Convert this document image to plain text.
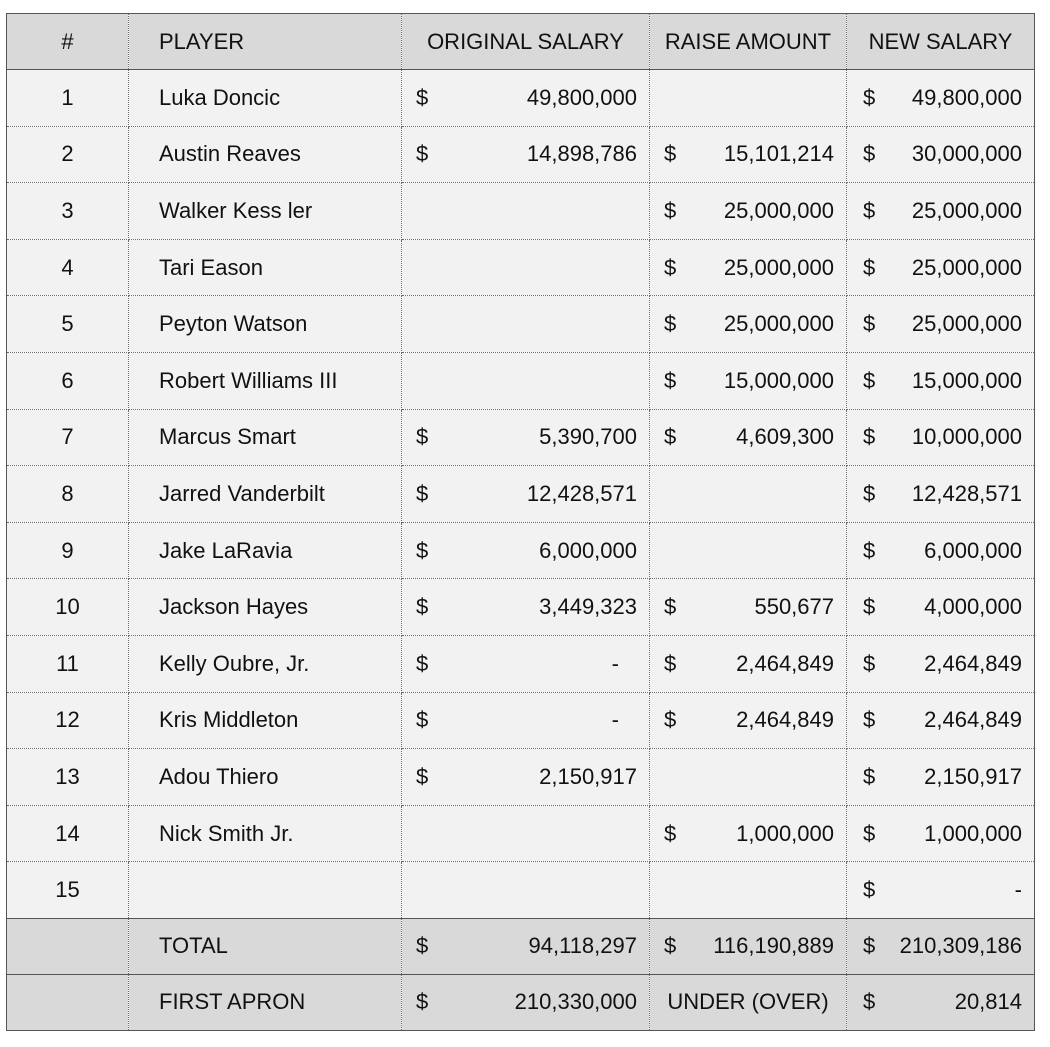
#	PLAYER	ORIGINAL SALARY	RAISE AMOUNT	NEW SALARY
1	Luka Doncic	$ 49,800,000		$ 49,800,000

2	Austin Reaves	$ 14,898,786	$ 15,101,214	$ 30,000,000

3	Walker Kess ler		$ 25,000,000	$ 25,000,000

4	Tari Eason		$ 25,000,000	$ 25,000,000

5	Peyton Watson		$ 25,000,000	$ 25,000,000

6	Robert Williams III		$ 15,000,000	$ 15,000,000

7	Marcus Smart	$ 5,390,700	$ 4,609,300	$ 10,000,000

8	Jarred Vanderbilt	$ 12,428,571		$ 12,428,571

9	Jake LaRavia	$ 6,000,000		$ 6,000,000

10	Jackson Hayes	$ 3,449,323	$ 550,677	$ 4,000,000

11	Kelly Oubre, Jr.	$ -	$ 2,464,849	$ 2,464,849

12	Kris Middleton	$ -	$ 2,464,849	$ 2,464,849

13	Adou Thiero	$ 2,150,917		$ 2,150,917

14	Nick Smith Jr.		$ 1,000,000	$ 1,000,000

15				$ -

	TOTAL	$ 94,118,297	$ 116,190,889	$ 210,309,186

	FIRST APRON	$ 210,330,000	UNDER (OVER)	$ 20,814
